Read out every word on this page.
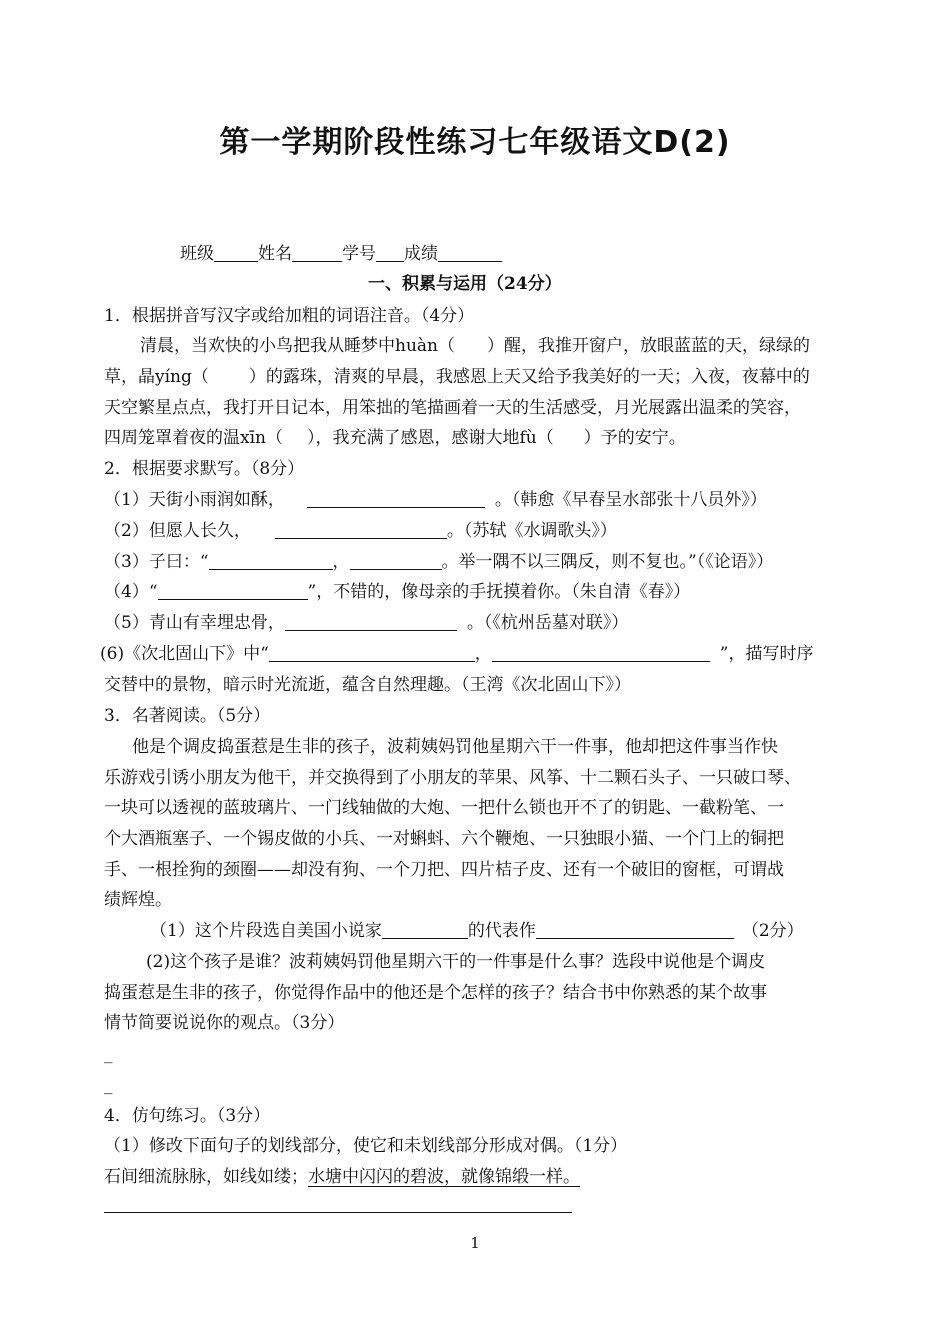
第一学期阶段性练习七年级语文D(2)
班级	姓名	学号 成绩
一、积累与运用（24分）
1．根据拼音写汉字或给加粗的词语注音。（4分）
清晨，当欢快的小鸟把我从睡梦中huàn（ ）醒，我推开窗户，放眼蓝蓝的天，绿绿的
草，晶yíng（ ）的露珠，清爽的早晨，我感恩上天又给予我美好的一天；入夜，夜幕中的
天空繁星点点，我打开日记本，用笨拙的笔描画着一天的生活感受，月光展露出温柔的笑容，
四周笼罩着夜的温xīn（ ），我充满了感恩，感谢大地fù（ ）予的安宁。
2．根据要求默写。（8分）
（1）天街小雨润如酥，	。（韩愈《早春呈水部张十八员外》）
（2）但愿人长久，	。（苏轼《水调歌头》）
（3）子曰：“	，	。举一隅不以三隅反，则不复也。”（《论语》）
（4）“	”，不错的，像母亲的手抚摸着你。（朱自清《春》）
（5）青山有幸埋忠骨，	。（《杭州岳墓对联》）
(6)《次北固山下》中“	，	”，描写时序
交替中的景物，暗示时光流逝，蕴含自然理趣。（王湾《次北固山下》）
3．名著阅读。（5分）
他是个调皮捣蛋惹是生非的孩子，波莉姨妈罚他星期六干一件事，他却把这件事当作快
乐游戏引诱小朋友为他干，并交换得到了小朋友的苹果、风筝、十二颗石头子、一只破口琴、
一块可以透视的蓝玻璃片、一门线轴做的大炮、一把什么锁也开不了的钥匙、一截粉笔、一
个大酒瓶塞子、一个锡皮做的小兵、一对蝌蚪、六个鞭炮、一只独眼小猫、一个门上的铜把
手、一根拴狗的颈圈——却没有狗、一个刀把、四片桔子皮、还有一个破旧的窗框，可谓战
绩辉煌。
（1）这个片段选自美国小说家	的代表作	（2分）
(2)这个孩子是谁？波莉姨妈罚他星期六干的一件事是什么事？选段中说他是个调皮
捣蛋惹是生非的孩子，你觉得作品中的他还是个怎样的孩子？结合书中你熟悉的某个故事
情节简要说说你的观点。（3分）
_
_
4．仿句练习。（3分）
（1）修改下面句子的划线部分，使它和未划线部分形成对偶。（1分）
石间细流脉脉，如线如缕；水塘中闪闪的碧波，就像锦缎一样。
1
